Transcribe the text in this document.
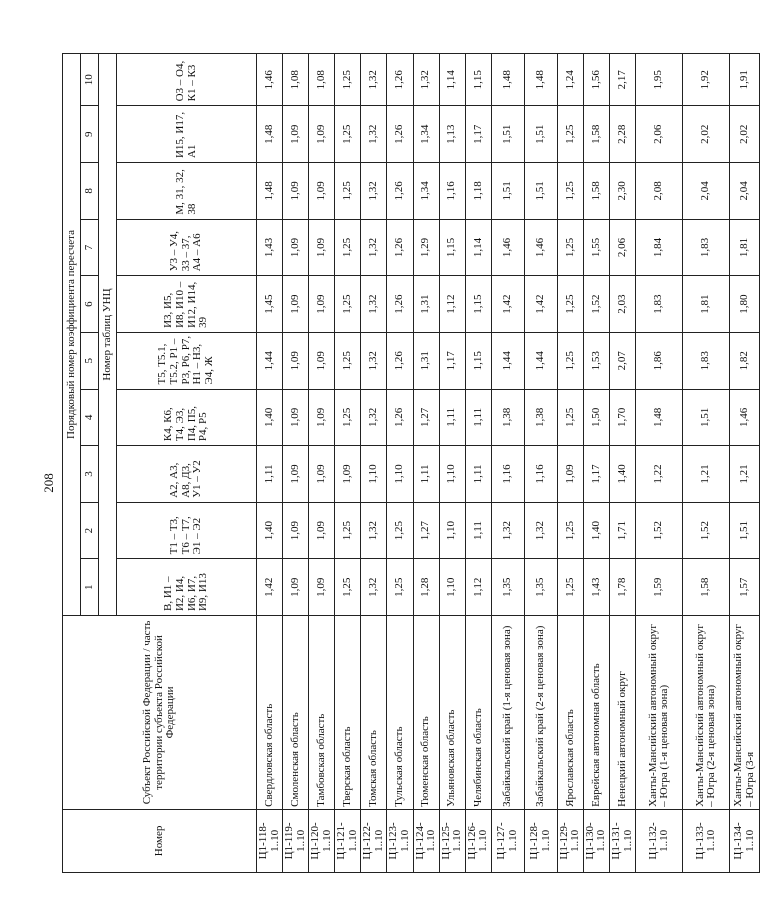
208
Номер	Субъект Российской Федерации / часть территории субъекта Российской Федерации	Порядковый номер коэффициента пересчета									
		1	2	3	4	5	6	7	8	9	10
		Номер таблиц УНЦ									
		В, И1 – И2, И4, И6, И7, И9, И13	Т1 – Т3, Т6 – Т7, Э1 – Э2	А2, А3, А8, Д3, У1 – У2	К4, К6, Т4, Э3, П4, П5, Р4, Р5	Т5, Т5.1, Т5.2, Р1 – Р3, Р6, Р7, Н1 – Н3, Э4, Ж	И3, И5, И8, И10 – И12, И14, 39	У3 – У4, 33 – 37, А4 – А6	М, 31, 32, 38	И15, И17, А1	О3 – О4, К1 – К3
Ц1-118-1..10	Свердловская область	1,42	1,40	1,11	1,40	1,44	1,45	1,43	1,48	1,48	1,46
Ц1-119-1..10	Смоленская область	1,09	1,09	1,09	1,09	1,09	1,09	1,09	1,09	1,09	1,08
Ц1-120-1..10	Тамбовская область	1,09	1,09	1,09	1,09	1,09	1,09	1,09	1,09	1,09	1,08
Ц1-121-1..10	Тверская область	1,25	1,25	1,09	1,25	1,25	1,25	1,25	1,25	1,25	1,25
Ц1-122-1..10	Томская область	1,32	1,32	1,10	1,32	1,32	1,32	1,32	1,32	1,32	1,32
Ц1-123-1..10	Тульская область	1,25	1,25	1,10	1,26	1,26	1,26	1,26	1,26	1,26	1,26
Ц1-124-1..10	Тюменская область	1,28	1,27	1,11	1,27	1,31	1,31	1,29	1,34	1,34	1,32
Ц1-125-1..10	Ульяновская область	1,10	1,10	1,10	1,11	1,17	1,12	1,15	1,16	1,13	1,14
Ц1-126-1..10	Челябинская область	1,12	1,11	1,11	1,11	1,15	1,15	1,14	1,18	1,17	1,15
Ц1-127-1..10	Забайкальский край (1-я ценовая зона)	1,35	1,32	1,16	1,38	1,44	1,42	1,46	1,51	1,51	1,48
Ц1-128-1..10	Забайкальский край (2-я ценовая зона)	1,35	1,32	1,16	1,38	1,44	1,42	1,46	1,51	1,51	1,48
Ц1-129-1..10	Ярославская область	1,25	1,25	1,09	1,25	1,25	1,25	1,25	1,25	1,25	1,24
Ц1-130-1..10	Еврейская автономная область	1,43	1,40	1,17	1,50	1,53	1,52	1,55	1,58	1,58	1,56
Ц1-131-1..10	Ненецкий автономный округ	1,78	1,71	1,40	1,70	2,07	2,03	2,06	2,30	2,28	2,17
Ц1-132-1..10	Ханты-Мансийский автономный округ – Югра (1-я ценовая зона)	1,59	1,52	1,22	1,48	1,86	1,83	1,84	2,08	2,06	1,95
Ц1-133-1..10	Ханты-Мансийский автономный округ – Югра (2-я ценовая зона)	1,58	1,52	1,21	1,51	1,83	1,81	1,83	2,04	2,02	1,92
Ц1-134-1..10	Ханты-Мансийский автономный округ – Югра (3-я	1,57	1,51	1,21	1,46	1,82	1,80	1,81	2,04	2,02	1,91
